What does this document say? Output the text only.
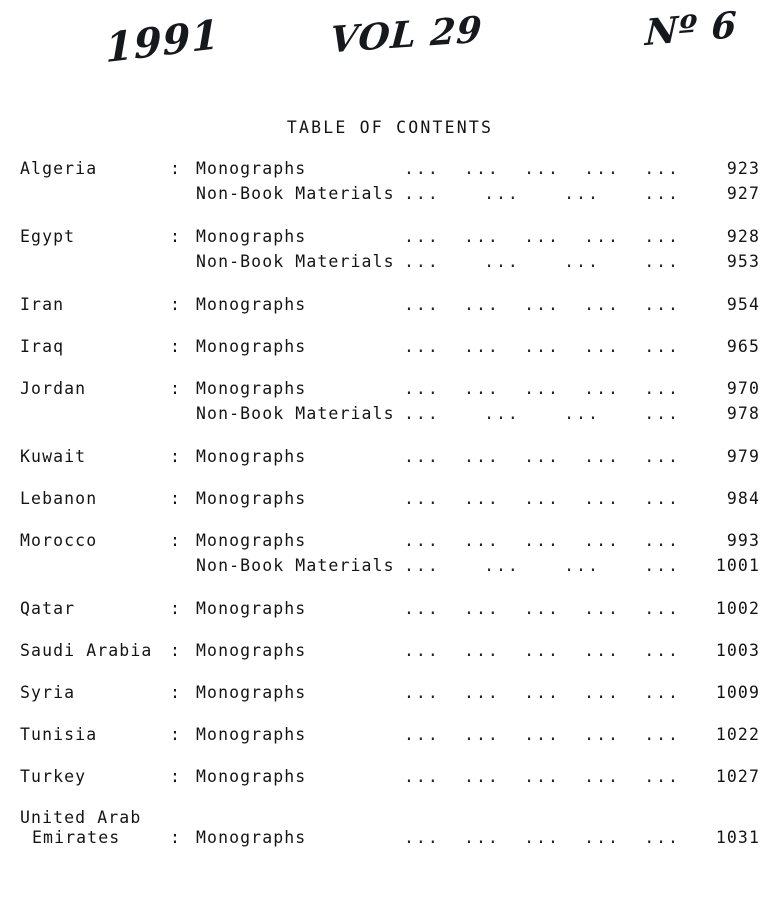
1991	VOL 29	Nº 6
TABLE OF CONTENTS
Algeria	: Monographs	... ... ... ... ...	923
Non-Book Materials ...	...	...	...	927
Egypt	: Monographs	... ... ... ... ...	928
Non-Book Materials ...	...	...	...	953
Iran	: Monographs	... ... ... ... ...	954
Iraq	: Monographs	... ... ... ... ...	965
Jordan	: Monographs	... ... ... ... ...	970
Non-Book Materials ...	...	...	...	978
Kuwait	: Monographs	... ... ... ... ...	979
Lebanon	: Monographs	... ... ... ... ...	984
Morocco	: Monographs	... ... ... ... ...	993
Non-Book Materials ...	...	...	...	1001
Qatar	: Monographs	... ... ... ... ...	1002
Saudi Arabia	: Monographs	... ... ... ... ...	1003
Syria	: Monographs	... ... ... ... ...	1009
Tunisia	: Monographs	... ... ... ... ...	1022
Turkey	: Monographs	... ... ... ... ...	1027
United Arab
Emirates	: Monographs	... ... ... ... ...	1031
